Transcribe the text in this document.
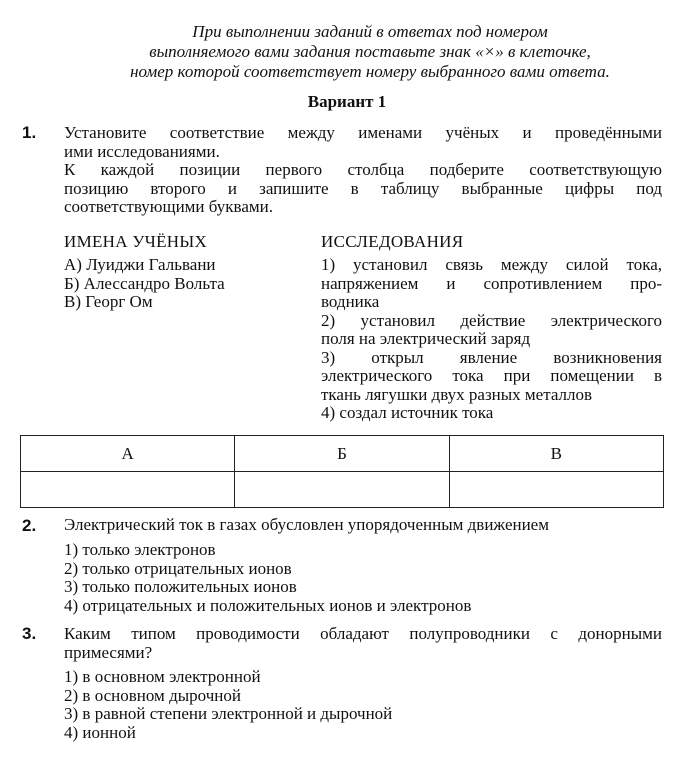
При выполнении заданий в ответах под номером
выполняемого вами задания поставьте знак «×» в клеточке,
номер которой соответствует номеру выбранного вами ответа.
Вариант 1
1. Установите соответствие между именами учёных и проведёнными
ими исследованиями.
К каждой позиции первого столбца подберите соответствующую
позицию второго и запишите в таблицу выбранные цифры под
соответствующими буквами.
ИМЕНА УЧЁНЫХ	ИССЛЕДОВАНИЯ
А) Луиджи Гальвани
Б) Алессандро Вольта
В) Георг Ом
1) установил связь между силой тока,
напряжением и сопротивлением про-
водника
2) установил действие электрического
поля на электрический заряд
3) открыл явление возникновения
электрического тока при помещении в
ткань лягушки двух разных металлов
4) создал источник тока
А	Б	В

2. Электрический ток в газах обусловлен упорядоченным движением
1) только электронов
2) только отрицательных ионов
3) только положительных ионов
4) отрицательных и положительных ионов и электронов
3. Каким типом проводимости обладают полупроводники с донорными
примесями?
1) в основном электронной
2) в основном дырочной
3) в равной степени электронной и дырочной
4) ионной
